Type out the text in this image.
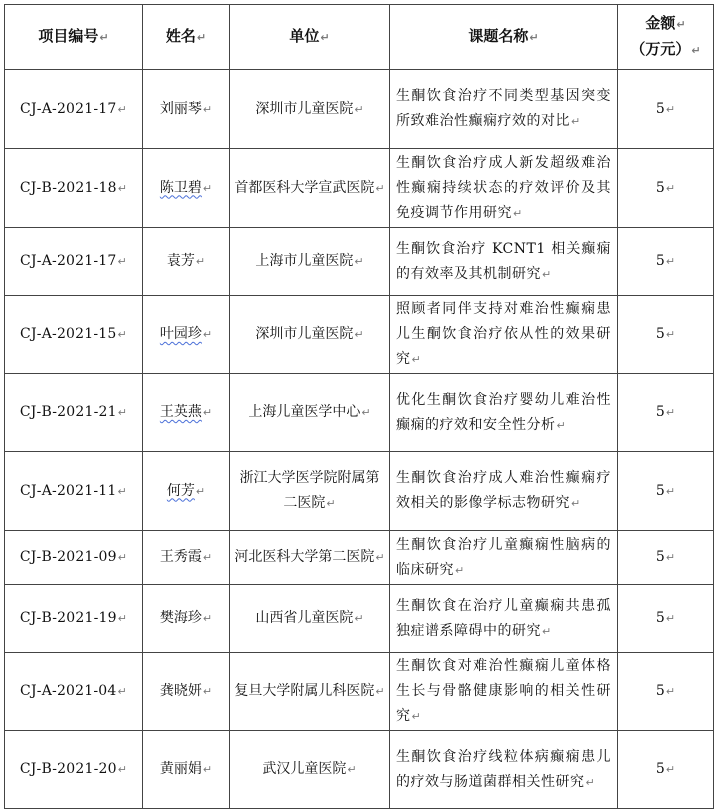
项目编号↵	姓名↵	单位↵	课题名称↵	金额↵
（万元）↵
CJ-A-2021-17↵	刘丽琴↵	深圳市儿童医院↵	生酮饮食治疗不同类型基因突变所致难治性癫痫疗效的对比↵	5↵
CJ-B-2021-18↵	陈卫碧↵	首都医科大学宣武医院↵	生酮饮食治疗成人新发超级难治性癫痫持续状态的疗效评价及其免疫调节作用研究↵	5↵
CJ-A-2021-17↵	袁芳↵	上海市儿童医院↵	生酮饮食治疗 KCNT1 相关癫痫的有效率及其机制研究↵	5↵
CJ-A-2021-15↵	叶园珍↵	深圳市儿童医院↵	照顾者同伴支持对难治性癫痫患儿生酮饮食治疗依从性的效果研究↵	5↵
CJ-B-2021-21↵	王英燕↵	上海儿童医学中心↵	优化生酮饮食治疗婴幼儿难治性癫痫的疗效和安全性分析↵	5↵
CJ-A-2021-11↵	何芳↵	浙江大学医学院附属第二医院↵	生酮饮食治疗成人难治性癫痫疗效相关的影像学标志物研究↵	5↵
CJ-B-2021-09↵	王秀霞↵	河北医科大学第二医院↵	生酮饮食治疗儿童癫痫性脑病的临床研究↵	5↵
CJ-B-2021-19↵	樊海珍↵	山西省儿童医院↵	生酮饮食在治疗儿童癫痫共患孤独症谱系障碍中的研究↵	5↵
CJ-A-2021-04↵	龚晓妍↵	复旦大学附属儿科医院↵	生酮饮食对难治性癫痫儿童体格生长与骨骼健康影响的相关性研究↵	5↵
CJ-B-2021-20↵	黄丽娟↵	武汉儿童医院↵	生酮饮食治疗线粒体病癫痫患儿的疗效与肠道菌群相关性研究↵	5↵
